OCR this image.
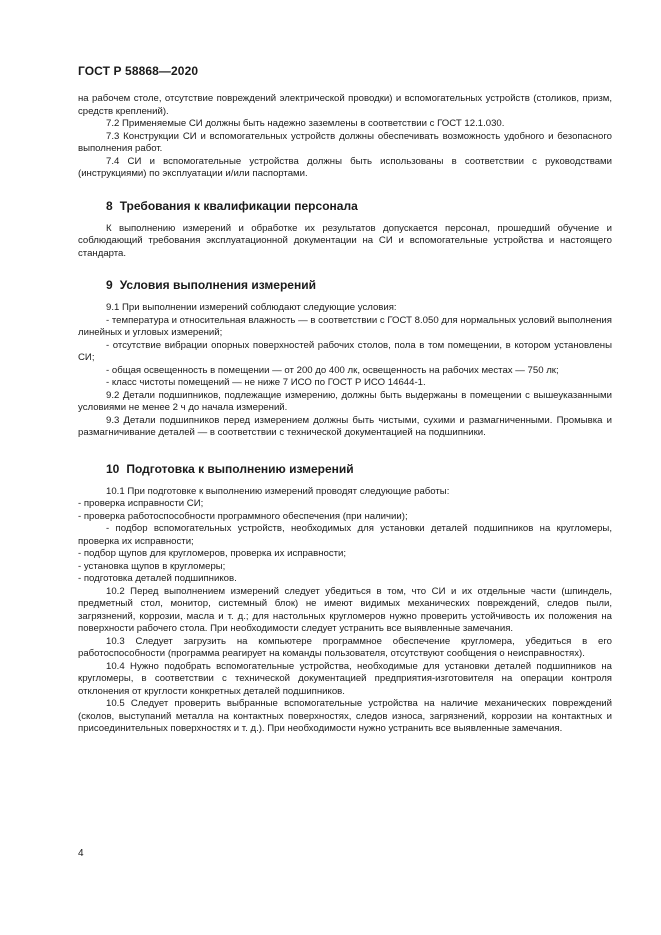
ГОСТ Р 58868—2020

на рабочем столе, отсутствие повреждений электрической проводки) и вспомогательных устройств (столиков, призм, средств креплений).

7.2 Применяемые СИ должны быть надежно заземлены в соответствии с ГОСТ 12.1.030.

7.3 Конструкции СИ и вспомогательных устройств должны обеспечивать возможность удобного и безопасного выполнения работ.

7.4 СИ и вспомогательные устройства должны быть использованы в соответствии с руководствами (инструкциями) по эксплуатации и/или паспортами.

8 Требования к квалификации персонала

К выполнению измерений и обработке их результатов допускается персонал, прошедший обучение и соблюдающий требования эксплуатационной документации на СИ и вспомогательные устройства и настоящего стандарта.

9 Условия выполнения измерений

9.1 При выполнении измерений соблюдают следующие условия:

- температура и относительная влажность — в соответствии с ГОСТ 8.050 для нормальных условий выполнения линейных и угловых измерений;

- отсутствие вибрации опорных поверхностей рабочих столов, пола в том помещении, в котором установлены СИ;

- общая освещенность в помещении — от 200 до 400 лк, освещенность на рабочих местах — 750 лк;

- класс чистоты помещений — не ниже 7 ИСО по ГОСТ Р ИСО 14644-1.

9.2 Детали подшипников, подлежащие измерению, должны быть выдержаны в помещении с вышеуказанными условиями не менее 2 ч до начала измерений.

9.3 Детали подшипников перед измерением должны быть чистыми, сухими и размагниченными. Промывка и размагничивание деталей — в соответствии с технической документацией на подшипники.

10 Подготовка к выполнению измерений

10.1 При подготовке к выполнению измерений проводят следующие работы:

- проверка исправности СИ;

- проверка работоспособности программного обеспечения (при наличии);

- подбор вспомогательных устройств, необходимых для установки деталей подшипников на кругломеры, проверка их исправности;

- подбор щупов для кругломеров, проверка их исправности;

- установка щупов в кругломеры;

- подготовка деталей подшипников.

10.2 Перед выполнением измерений следует убедиться в том, что СИ и их отдельные части (шпиндель, предметный стол, монитор, системный блок) не имеют видимых механических повреждений, следов пыли, загрязнений, коррозии, масла и т. д.; для настольных кругломеров нужно проверить устойчивость их положения на поверхности рабочего стола. При необходимости следует устранить все выявленные замечания.

10.3 Следует загрузить на компьютере программное обеспечение кругломера, убедиться в его работоспособности (программа реагирует на команды пользователя, отсутствуют сообщения о неисправностях).

10.4 Нужно подобрать вспомогательные устройства, необходимые для установки деталей подшипников на кругломеры, в соответствии с технической документацией предприятия-изготовителя на операции контроля отклонения от круглости конкретных деталей подшипников.

10.5 Следует проверить выбранные вспомогательные устройства на наличие механических повреждений (сколов, выступаний металла на контактных поверхностях, следов износа, загрязнений, коррозии на контактных и присоединительных поверхностях и т. д.). При необходимости нужно устранить все выявленные замечания.

4
